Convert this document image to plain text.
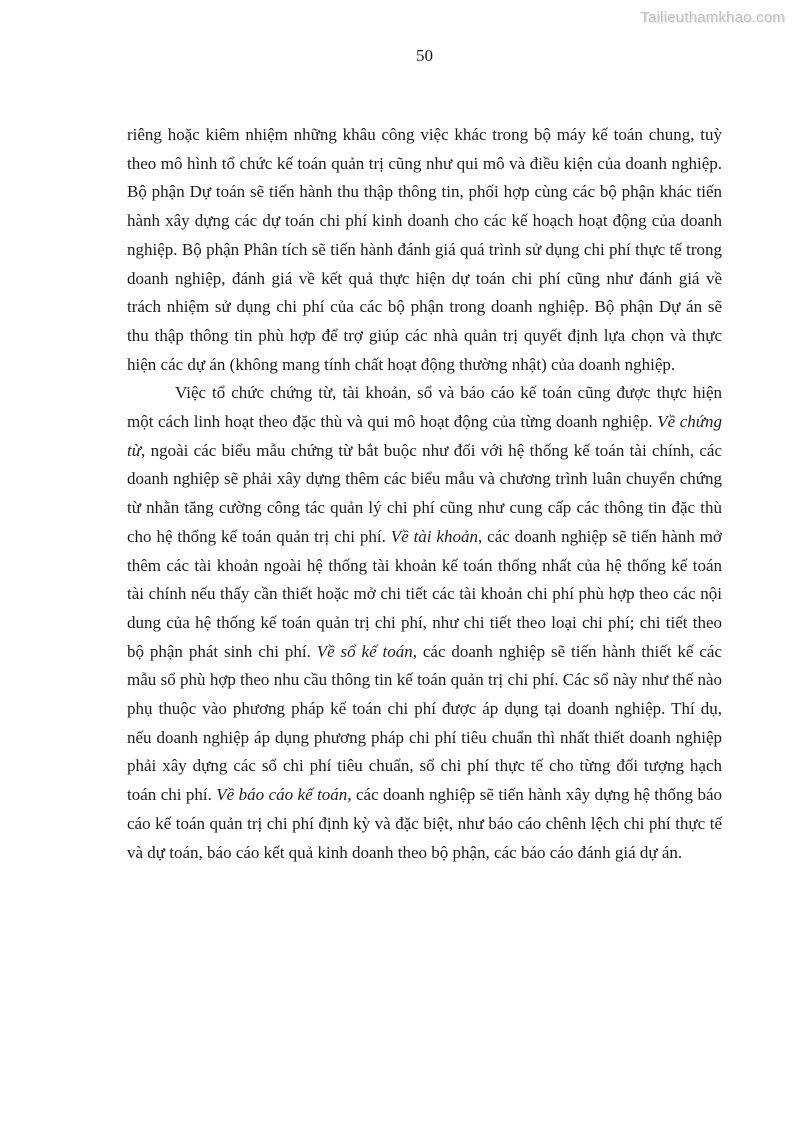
Tailieuthamkhao.com
50

riêng hoặc kiêm nhiệm những khâu công việc khác trong bộ máy kế toán chung, tuỳ theo mô hình tổ chức kế toán quản trị cũng như qui mô và điều kiện của doanh nghiệp. Bộ phận Dự toán sẽ tiến hành thu thập thông tin, phối hợp cùng các bộ phận khác tiến hành xây dựng các dự toán chi phí kinh doanh cho các kế hoạch hoạt động của doanh nghiệp. Bộ phận Phân tích sẽ tiến hành đánh giá quá trình sử dụng chi phí thực tế trong doanh nghiệp, đánh giá về kết quả thực hiện dự toán chi phí cũng như đánh giá về trách nhiệm sử dụng chi phí của các bộ phận trong doanh nghiệp. Bộ phận Dự án sẽ thu thập thông tin phù hợp để trợ giúp các nhà quản trị quyết định lựa chọn và thực hiện các dự án (không mang tính chất hoạt động thường nhật) của doanh nghiệp.

Việc tổ chức chứng từ, tài khoản, sổ và báo cáo kế toán cũng được thực hiện một cách linh hoạt theo đặc thù và qui mô hoạt động của từng doanh nghiệp. Về chứng từ, ngoài các biểu mẫu chứng từ bắt buộc như đối với hệ thống kế toán tài chính, các doanh nghiệp sẽ phải xây dựng thêm các biểu mẫu và chương trình luân chuyển chứng từ nhằn tăng cường công tác quản lý chi phí cũng như cung cấp các thông tin đặc thù cho hệ thống kế toán quản trị chi phí. Về tài khoản, các doanh nghiệp sẽ tiến hành mở thêm các tài khoản ngoài hệ thống tài khoản kế toán thống nhất của hệ thống kế toán tài chính nếu thấy cần thiết hoặc mở chi tiết các tài khoản chi phí phù hợp theo các nội dung của hệ thống kế toán quản trị chi phí, như chi tiết theo loại chi phí; chi tiết theo bộ phận phát sinh chi phí. Về sổ kế toán, các doanh nghiệp sẽ tiến hành thiết kế các mẫu sổ phù hợp theo nhu cầu thông tin kế toán quản trị chi phí. Các sổ này như thế nào phụ thuộc vào phương pháp kế toán chi phí được áp dụng tại doanh nghiệp. Thí dụ, nếu doanh nghiệp áp dụng phương pháp chi phí tiêu chuẩn thì nhất thiết doanh nghiệp phải xây dựng các sổ chi phí tiêu chuẩn, sổ chi phí thực tế cho từng đối tượng hạch toán chi phí. Về báo cáo kế toán, các doanh nghiệp sẽ tiến hành xây dựng hệ thống báo cáo kế toán quản trị chi phí định kỳ và đặc biệt, như báo cáo chênh lệch chi phí thực tế và dự toán, báo cáo kết quả kinh doanh theo bộ phận, các báo cáo đánh giá dự án.
